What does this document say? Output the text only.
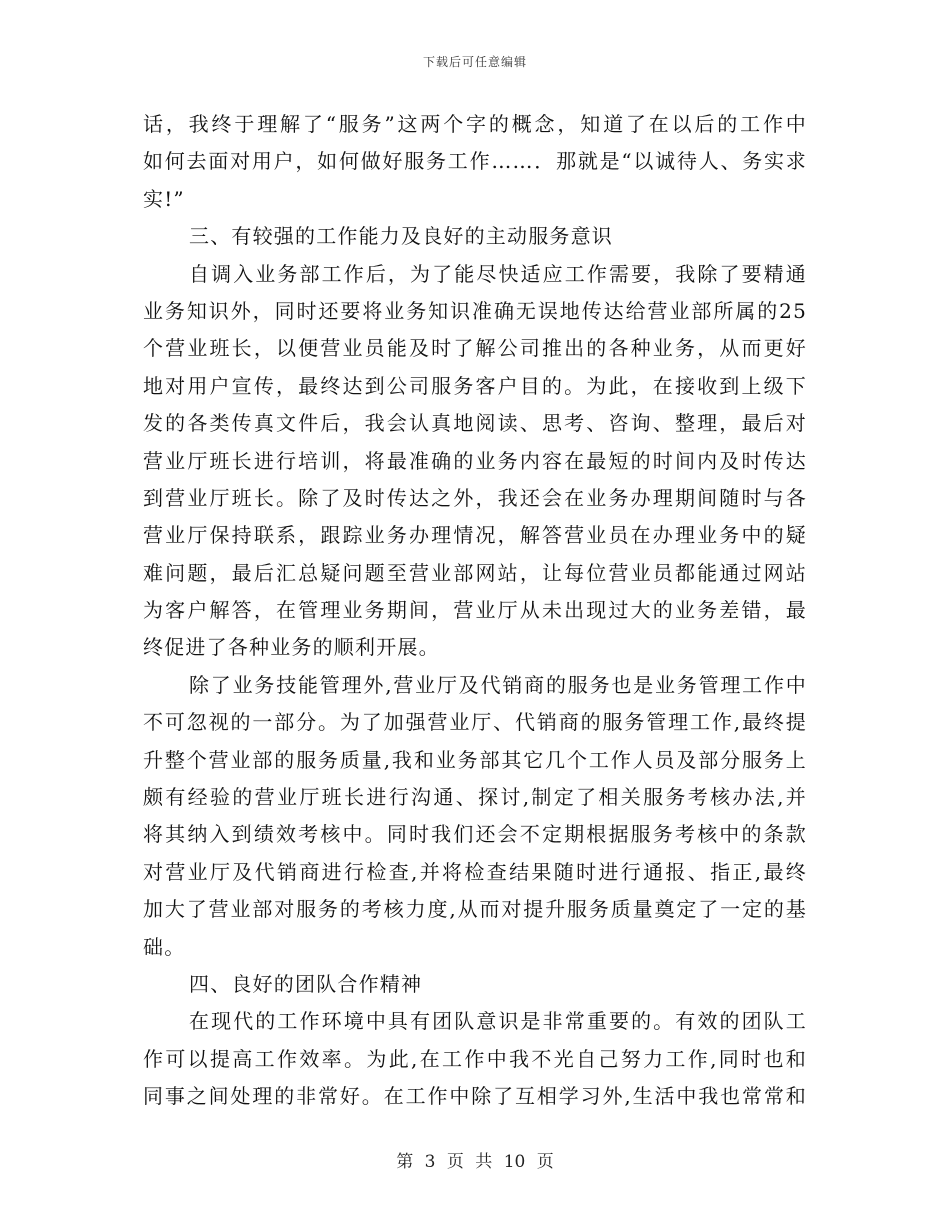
下载后可任意编辑
话，我终于理解了“服务”这两个字的概念，知道了在以后的工作中
如何去面对用户，如何做好服务工作……．那就是“以诚待人、务实求
实!”
三、有较强的工作能力及良好的主动服务意识
自调入业务部工作后，为了能尽快适应工作需要，我除了要精通
业务知识外，同时还要将业务知识准确无误地传达给营业部所属的25
个营业班长，以便营业员能及时了解公司推出的各种业务，从而更好
地对用户宣传，最终达到公司服务客户目的。为此，在接收到上级下
发的各类传真文件后，我会认真地阅读、思考、咨询、整理，最后对
营业厅班长进行培训，将最准确的业务内容在最短的时间内及时传达
到营业厅班长。除了及时传达之外，我还会在业务办理期间随时与各
营业厅保持联系，跟踪业务办理情况，解答营业员在办理业务中的疑
难问题，最后汇总疑问题至营业部网站，让每位营业员都能通过网站
为客户解答，在管理业务期间，营业厅从未出现过大的业务差错，最
终促进了各种业务的顺利开展。
除了业务技能管理外,营业厅及代销商的服务也是业务管理工作中
不可忽视的一部分。为了加强营业厅、代销商的服务管理工作,最终提
升整个营业部的服务质量,我和业务部其它几个工作人员及部分服务上
颇有经验的营业厅班长进行沟通、探讨,制定了相关服务考核办法,并
将其纳入到绩效考核中。同时我们还会不定期根据服务考核中的条款
对营业厅及代销商进行检查,并将检查结果随时进行通报、指正,最终
加大了营业部对服务的考核力度,从而对提升服务质量奠定了一定的基
础。
四、良好的团队合作精神
在现代的工作环境中具有团队意识是非常重要的。有效的团队工
作可以提高工作效率。为此,在工作中我不光自己努力工作,同时也和
同事之间处理的非常好。在工作中除了互相学习外,生活中我也常常和
第 3 页 共 10 页
